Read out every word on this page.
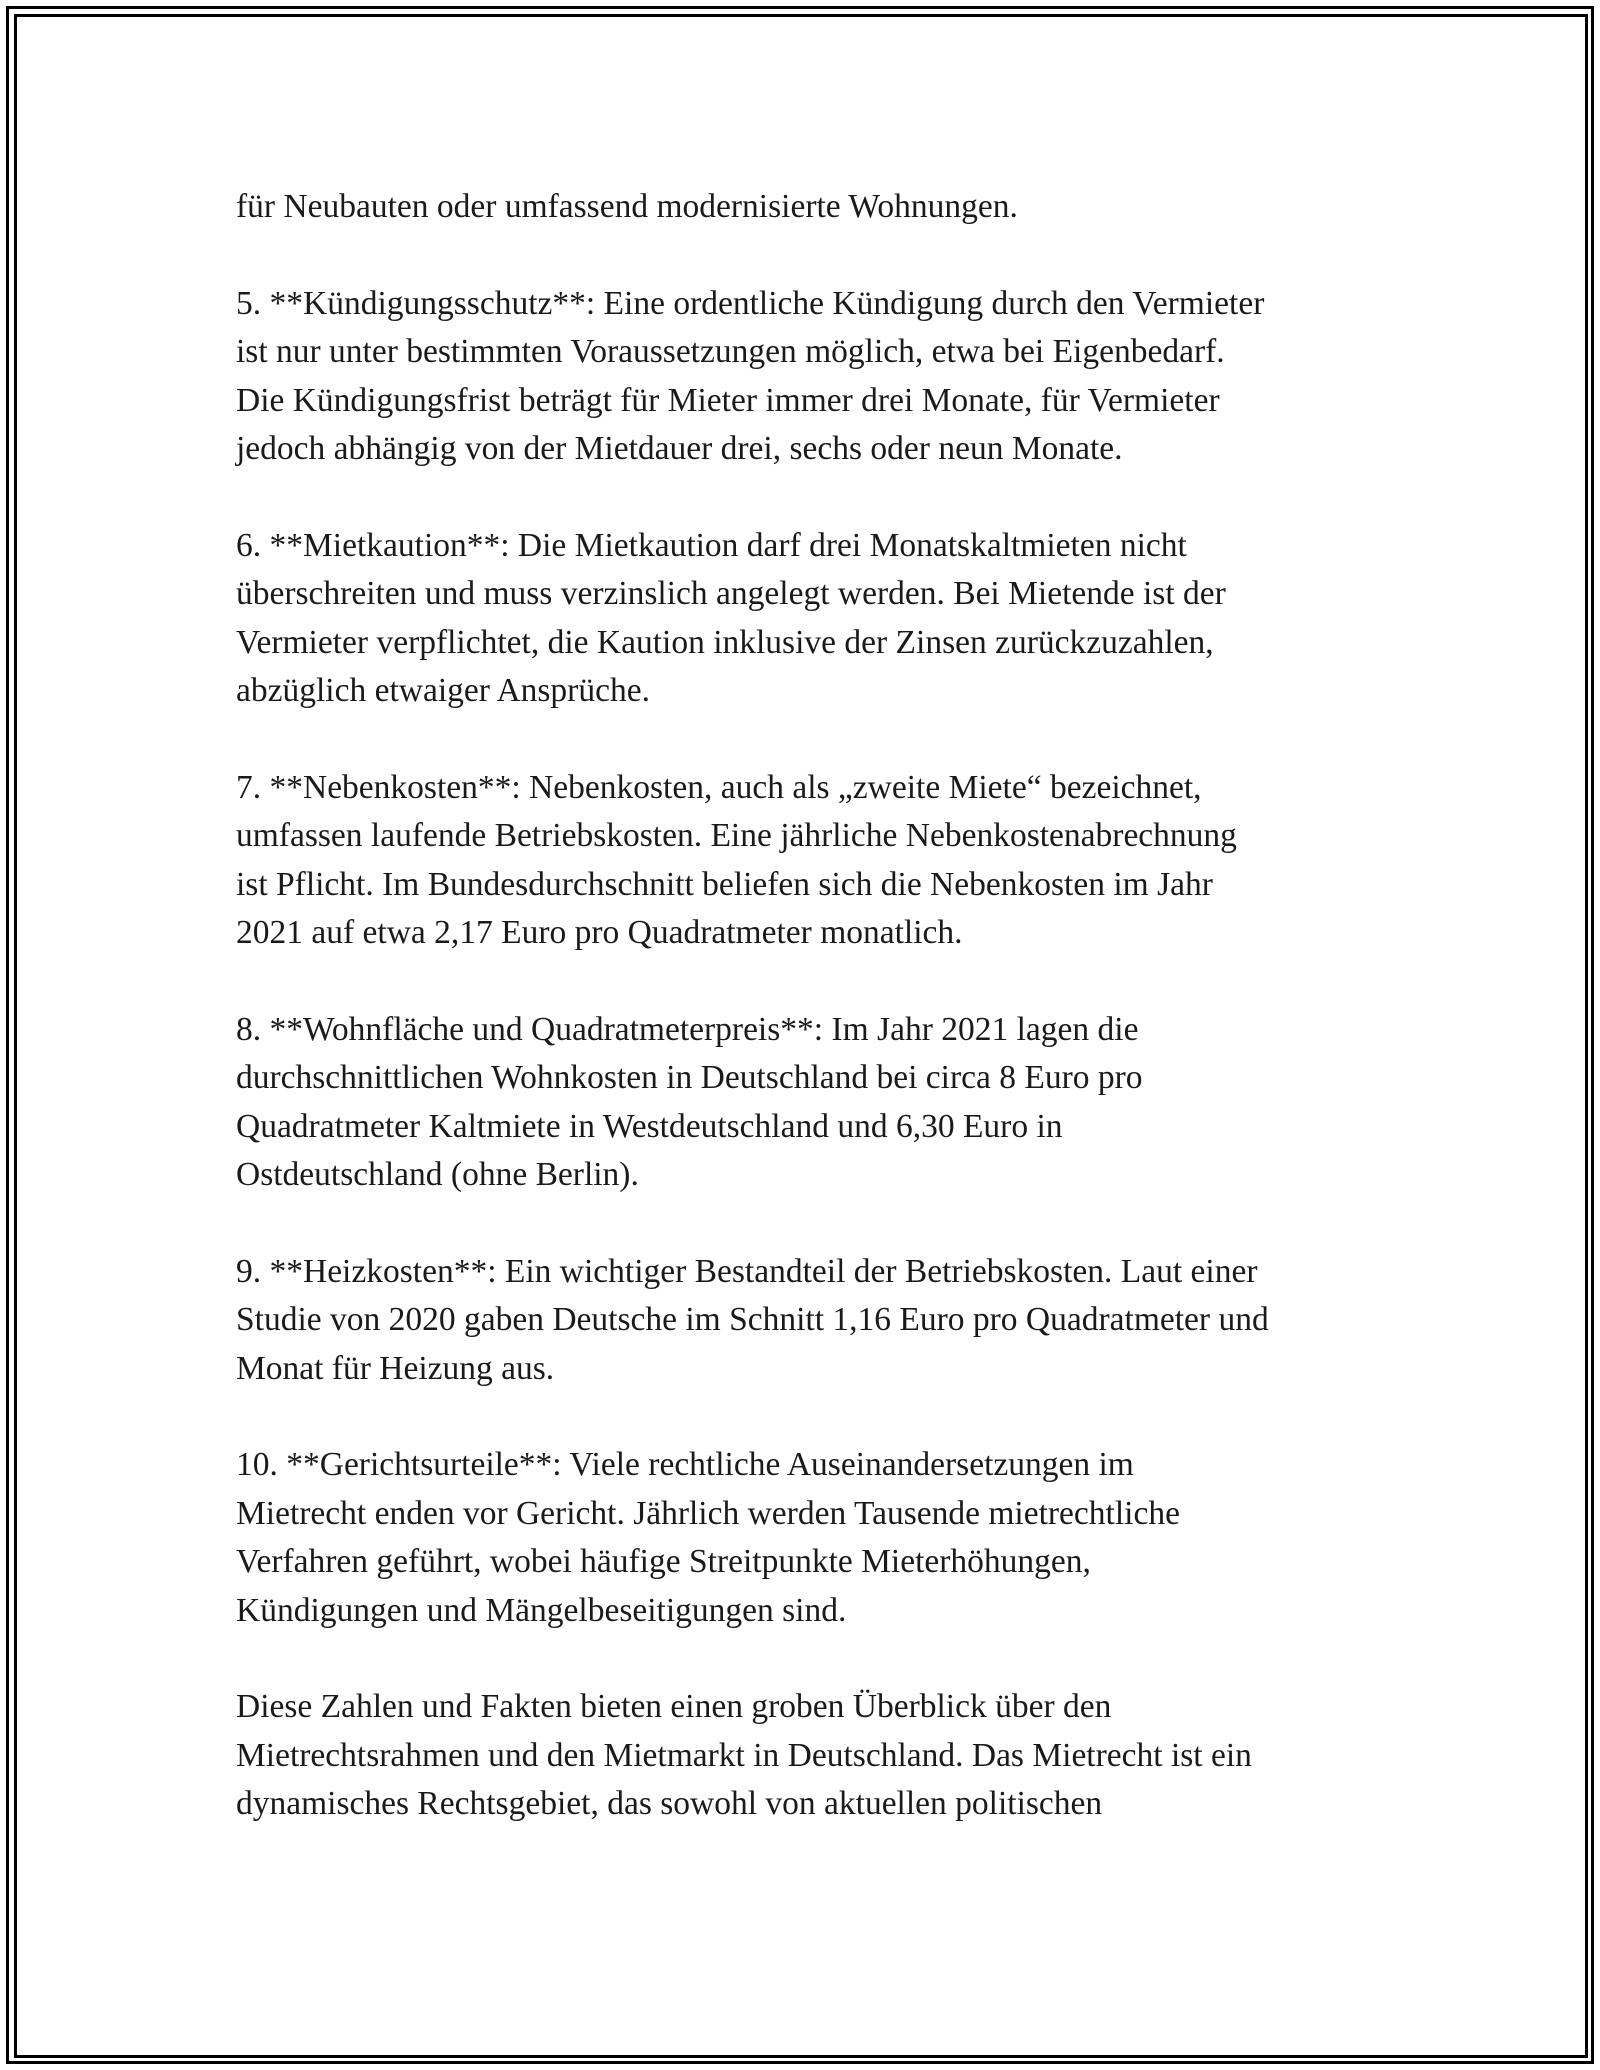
für Neubauten oder umfassend modernisierte Wohnungen.

5. **Kündigungsschutz**: Eine ordentliche Kündigung durch den Vermieter
ist nur unter bestimmten Voraussetzungen möglich, etwa bei Eigenbedarf.
Die Kündigungsfrist beträgt für Mieter immer drei Monate, für Vermieter
jedoch abhängig von der Mietdauer drei, sechs oder neun Monate.

6. **Mietkaution**: Die Mietkaution darf drei Monatskaltmieten nicht
überschreiten und muss verzinslich angelegt werden. Bei Mietende ist der
Vermieter verpflichtet, die Kaution inklusive der Zinsen zurückzuzahlen,
abzüglich etwaiger Ansprüche.

7. **Nebenkosten**: Nebenkosten, auch als „zweite Miete“ bezeichnet,
umfassen laufende Betriebskosten. Eine jährliche Nebenkostenabrechnung
ist Pflicht. Im Bundesdurchschnitt beliefen sich die Nebenkosten im Jahr
2021 auf etwa 2,17 Euro pro Quadratmeter monatlich.

8. **Wohnfläche und Quadratmeterpreis**: Im Jahr 2021 lagen die
durchschnittlichen Wohnkosten in Deutschland bei circa 8 Euro pro
Quadratmeter Kaltmiete in Westdeutschland und 6,30 Euro in
Ostdeutschland (ohne Berlin).

9. **Heizkosten**: Ein wichtiger Bestandteil der Betriebskosten. Laut einer
Studie von 2020 gaben Deutsche im Schnitt 1,16 Euro pro Quadratmeter und
Monat für Heizung aus.

10. **Gerichtsurteile**: Viele rechtliche Auseinandersetzungen im
Mietrecht enden vor Gericht. Jährlich werden Tausende mietrechtliche
Verfahren geführt, wobei häufige Streitpunkte Mieterhöhungen,
Kündigungen und Mängelbeseitigungen sind.

Diese Zahlen und Fakten bieten einen groben Überblick über den
Mietrechtsrahmen und den Mietmarkt in Deutschland. Das Mietrecht ist ein
dynamisches Rechtsgebiet, das sowohl von aktuellen politischen
